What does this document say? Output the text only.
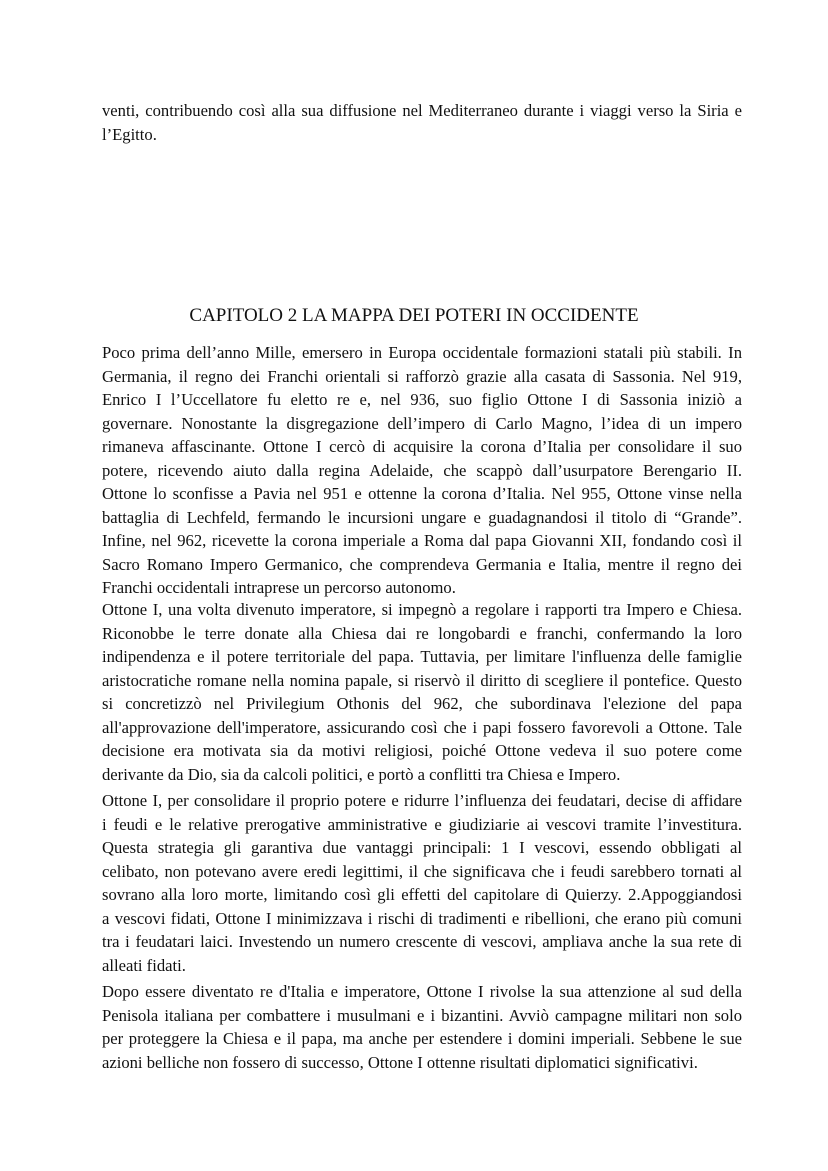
venti, contribuendo così alla sua diffusione nel Mediterraneo durante i viaggi verso la Siria e
l’Egitto.
CAPITOLO 2 LA MAPPA DEI POTERI IN OCCIDENTE
Poco prima dell’anno Mille, emersero in Europa occidentale formazioni statali più stabili. In
Germania, il regno dei Franchi orientali si rafforzò grazie alla casata di Sassonia. Nel 919,
Enrico I l’Uccellatore fu eletto re e, nel 936, suo figlio Ottone I di Sassonia iniziò a
governare. Nonostante la disgregazione dell’impero di Carlo Magno, l’idea di un impero
rimaneva affascinante. Ottone I cercò di acquisire la corona d’Italia per consolidare il suo
potere, ricevendo aiuto dalla regina Adelaide, che scappò dall’usurpatore Berengario II.
Ottone lo sconfisse a Pavia nel 951 e ottenne la corona d’Italia. Nel 955, Ottone vinse nella
battaglia di Lechfeld, fermando le incursioni ungare e guadagnandosi il titolo di “Grande”.
Infine, nel 962, ricevette la corona imperiale a Roma dal papa Giovanni XII, fondando così il
Sacro Romano Impero Germanico, che comprendeva Germania e Italia, mentre il regno dei
Franchi occidentali intraprese un percorso autonomo.
Ottone I, una volta divenuto imperatore, si impegnò a regolare i rapporti tra Impero e Chiesa.
Riconobbe le terre donate alla Chiesa dai re longobardi e franchi, confermando la loro
indipendenza e il potere territoriale del papa. Tuttavia, per limitare l'influenza delle famiglie
aristocratiche romane nella nomina papale, si riservò il diritto di scegliere il pontefice. Questo
si concretizzò nel Privilegium Othonis del 962, che subordinava l'elezione del papa
all'approvazione dell'imperatore, assicurando così che i papi fossero favorevoli a Ottone. Tale
decisione era motivata sia da motivi religiosi, poiché Ottone vedeva il suo potere come
derivante da Dio, sia da calcoli politici, e portò a conflitti tra Chiesa e Impero.
Ottone I, per consolidare il proprio potere e ridurre l’influenza dei feudatari, decise di affidare
i feudi e le relative prerogative amministrative e giudiziarie ai vescovi tramite l’investitura.
Questa strategia gli garantiva due vantaggi principali: 1 I vescovi, essendo obbligati al
celibato, non potevano avere eredi legittimi, il che significava che i feudi sarebbero tornati al
sovrano alla loro morte, limitando così gli effetti del capitolare di Quierzy. 2.Appoggiandosi
a vescovi fidati, Ottone I minimizzava i rischi di tradimenti e ribellioni, che erano più comuni
tra i feudatari laici. Investendo un numero crescente di vescovi, ampliava anche la sua rete di
alleati fidati.
Dopo essere diventato re d'Italia e imperatore, Ottone I rivolse la sua attenzione al sud della
Penisola italiana per combattere i musulmani e i bizantini. Avviò campagne militari non solo
per proteggere la Chiesa e il papa, ma anche per estendere i domini imperiali. Sebbene le sue
azioni belliche non fossero di successo, Ottone I ottenne risultati diplomatici significativi.
